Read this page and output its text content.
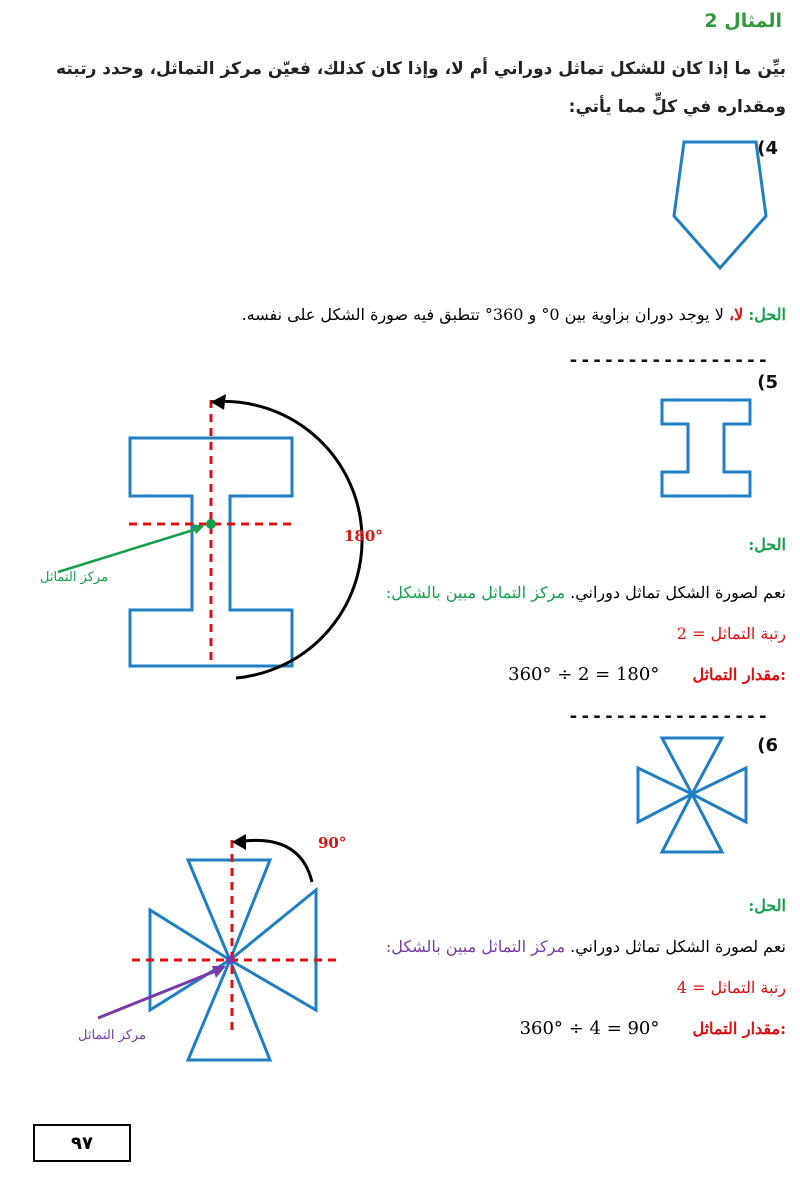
المثال 2
بيِّن ما إذا كان للشكل تماثل دوراني أم لا، وإذا كان كذلك، فعيّن مركز التماثل، وحدد رتبته ومقداره في كلٍّ مما يأتي:
(4
الحل: لا، لا يوجد دوران بزاوية بين 0° و 360° تتطبق فيه صورة الشكل على نفسه.
-----------------
(5
180°
مركز التماثل
الحل:
نعم لصورة الشكل تماثل دوراني. مركز التماثل مبين بالشكل:
رتبة التماثل = 2
360° ÷ 2 = 180° مقدار التماثل:
-----------------
(6
90°
مركز التماثل
الحل:
نعم لصورة الشكل تماثل دوراني. مركز التماثل مبين بالشكل:
رتبة التماثل = 4
360° ÷ 4 = 90° مقدار التماثل:
٩٧
